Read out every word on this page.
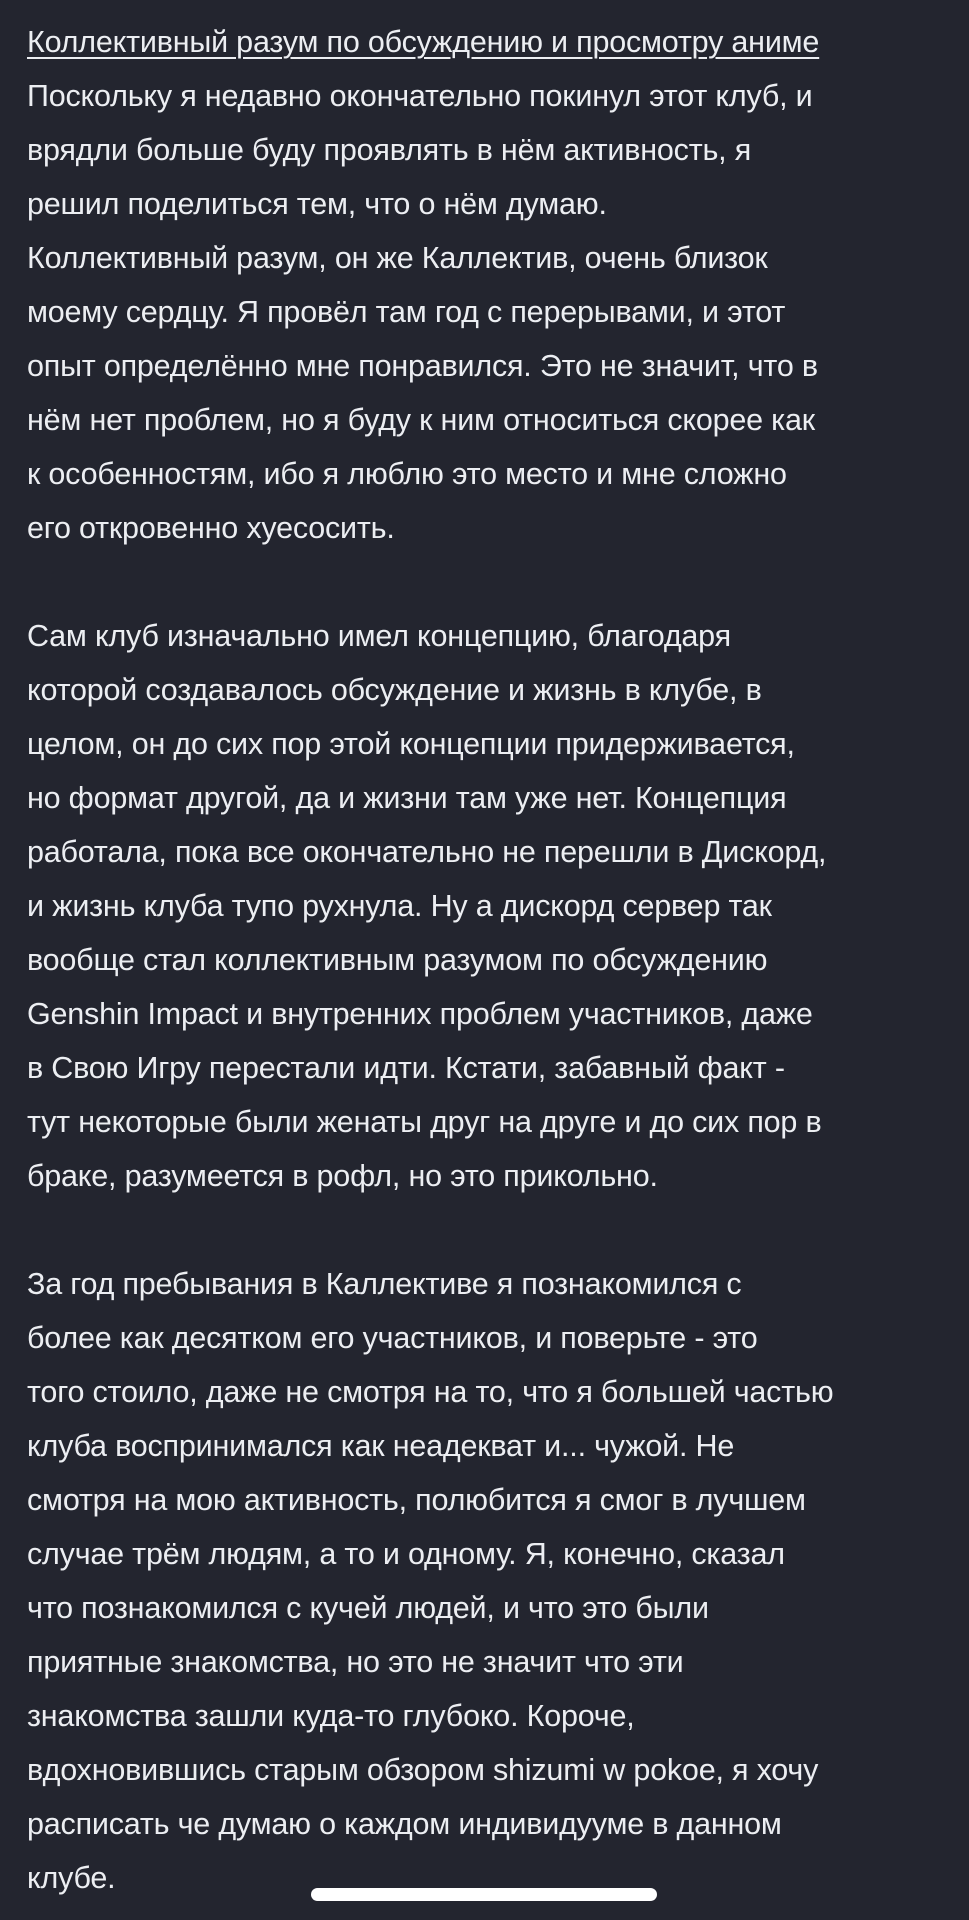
Коллективный разум по обсуждению и просмотру аниме

Поскольку я недавно окончательно покинул этот клуб, и
врядли больше буду проявлять в нём активность, я
решил поделиться тем, что о нём думаю.
Коллективный разум, он же Каллектив, очень близок
моему сердцу. Я провёл там год с перерывами, и этот
опыт определённо мне понравился. Это не значит, что в
нём нет проблем, но я буду к ним относиться скорее как
к особенностям, ибо я люблю это место и мне сложно
его откровенно хуесосить.

Сам клуб изначально имел концепцию, благодаря
которой создавалось обсуждение и жизнь в клубе, в
целом, он до сих пор этой концепции придерживается,
но формат другой, да и жизни там уже нет. Концепция
работала, пока все окончательно не перешли в Дискорд,
и жизнь клуба тупо рухнула. Ну а дискорд сервер так
вообще стал коллективным разумом по обсуждению
Genshin Impact и внутренних проблем участников, даже
в Свою Игру перестали идти. Кстати, забавный факт -
тут некоторые были женаты друг на друге и до сих пор в
браке, разумеется в рофл, но это прикольно.

За год пребывания в Каллективе я познакомился с
более как десятком его участников, и поверьте - это
того стоило, даже не смотря на то, что я большей частью
клуба воспринимался как неадекват и... чужой. Не
смотря на мою активность, полюбится я смог в лучшем
случае трём людям, а то и одному. Я, конечно, сказал
что познакомился с кучей людей, и что это были
приятные знакомства, но это не значит что эти
знакомства зашли куда-то глубоко. Короче,
вдохновившись старым обзором shizumi w pokoe, я хочу
расписать че думаю о каждом индивидууме в данном
клубе.
